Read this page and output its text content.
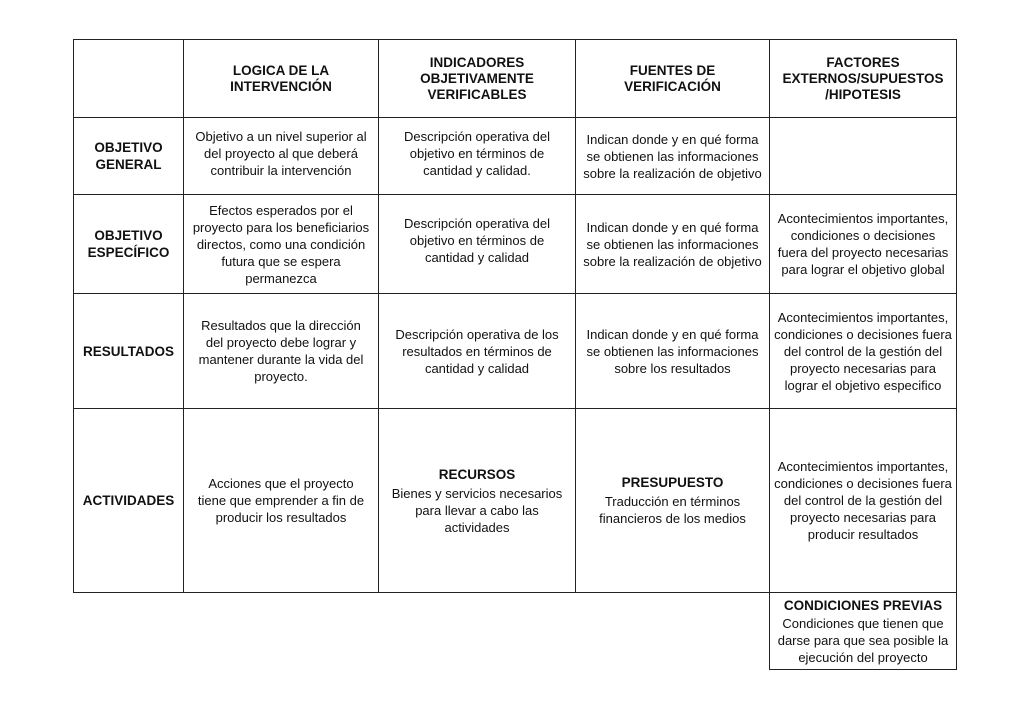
LOGICA DE LA INTERVENCIÓN
INDICADORES OBJETIVAMENTE VERIFICABLES
FUENTES DE VERIFICACIÓN
FACTORES EXTERNOS/SUPUESTOS /HIPOTESIS
OBJETIVO GENERAL
Objetivo a un nivel superior al del proyecto al que deberá contribuir la intervención
Descripción operativa del objetivo en términos de cantidad y calidad.
Indican donde y en qué forma se obtienen las informaciones sobre la realización de objetivo
OBJETIVO ESPECÍFICO
Efectos esperados por el proyecto para los beneficiarios directos, como una condición futura que se espera permanezca
Descripción operativa del objetivo en términos de cantidad y calidad
Indican donde y en qué forma se obtienen las informaciones sobre la realización de objetivo
Acontecimientos importantes, condiciones o decisiones fuera del proyecto necesarias para lograr el objetivo global
RESULTADOS
Resultados que la dirección del proyecto debe lograr y mantener durante la vida del proyecto.
Descripción operativa de los resultados en términos de cantidad y calidad
Indican donde y en qué forma se obtienen las informaciones sobre los resultados
Acontecimientos importantes, condiciones o decisiones fuera del control de la gestión del proyecto necesarias para lograr el objetivo especifico
ACTIVIDADES
Acciones que el proyecto tiene que emprender a fin de producir los resultados
RECURSOS
Bienes y servicios necesarios para llevar a cabo las actividades
PRESUPUESTO
Traducción en términos financieros de los medios
Acontecimientos importantes, condiciones o decisiones fuera del control de la gestión del proyecto necesarias para producir resultados
CONDICIONES PREVIAS
Condiciones que tienen que darse para que sea posible la ejecución del proyecto
